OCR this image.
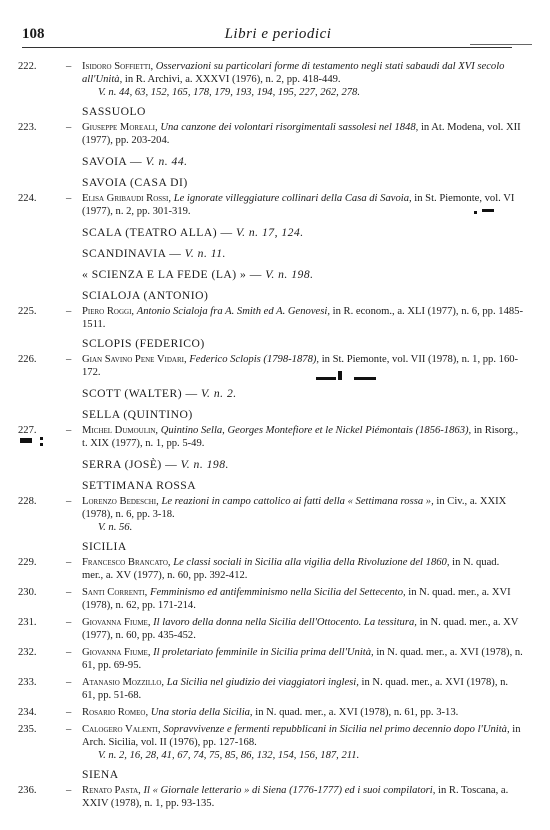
108	Libri e periodici
222.	– Isidoro Soffietti, Osservazioni su particolari forme di testamento negli stati sabaudi dal XVI secolo all'Unità, in R. Archivi, a. XXXVI (1976), n. 2, pp. 418-449.
V. n. 44, 63, 152, 165, 178, 179, 193, 194, 195, 227, 262, 278.
SASSUOLO
223.	– Giuseppe Moreali, Una canzone dei volontari risorgimentali sassolesi nel 1848, in At. Modena, vol. XII (1977), pp. 203-204.
SAVOIA — V. n. 44.
SAVOIA (CASA DI)
224.	– Elisa Gribaudi Rossi, Le ignorate villeggiature collinari della Casa di Savoia, in St. Piemonte, vol. VI (1977), n. 2, pp. 301-319.
SCALA (TEATRO ALLA) — V. n. 17, 124.
SCANDINAVIA — V. n. 11.
« SCIENZA E LA FEDE (LA) » — V. n. 198.
SCIALOJA (ANTONIO)
225.	– Piero Roggi, Antonio Scialoja fra A. Smith ed A. Genovesi, in R. econom., a. XLI (1977), n. 6, pp. 1485-1511.
SCLOPIS (FEDERICO)
226.	– Gian Savino Pene Vidari, Federico Sclopis (1798-1878), in St. Piemonte, vol. VII (1978), n. 1, pp. 160-172.
SCOTT (WALTER) — V. n. 2.
SELLA (QUINTINO)
227.	– Michel Dumoulin, Quintino Sella, Georges Montefiore et le Nickel Piémontais (1856-1863), in Risorg., t. XIX (1977), n. 1, pp. 5-49.
SERRA (JOSÈ) — V. n. 198.
SETTIMANA ROSSA
228.	– Lorenzo Bedeschi, Le reazioni in campo cattolico ai fatti della « Settimana rossa », in Civ., a. XXIX (1978), n. 6, pp. 3-18.
V. n. 56.
SICILIA
229.	– Francesco Brancato, Le classi sociali in Sicilia alla vigilia della Rivoluzione del 1860, in N. quad. mer., a. XV (1977), n. 60, pp. 392-412.
230.	– Santi Correnti, Femminismo ed antifemminismo nella Sicilia del Settecento, in N. quad. mer., a. XVI (1978), n. 62, pp. 171-214.
231.	– Giovanna Fiume, Il lavoro della donna nella Sicilia dell'Ottocento. La tessitura, in N. quad. mer., a. XV (1977), n. 60, pp. 435-452.
232.	– Giovanna Fiume, Il proletariato femminile in Sicilia prima dell'Unità, in N. quad. mer., a. XVI (1978), n. 61, pp. 69-95.
233.	– Atanasio Mozzillo, La Sicilia nel giudizio dei viaggiatori inglesi, in N. quad. mer., a. XVI (1978), n. 61, pp. 51-68.
234.	– Rosario Romeo, Una storia della Sicilia, in N. quad. mer., a. XVI (1978), n. 61, pp. 3-13.
235.	– Calogero Valenti, Sopravvivenze e fermenti repubblicani in Sicilia nel primo decennio dopo l'Unità, in Arch. Sicilia, vol. II (1976), pp. 127-168.
V. n. 2, 16, 28, 41, 67, 74, 75, 85, 86, 132, 154, 156, 187, 211.
SIENA
236.	– Renato Pasta, Il « Giornale letterario » di Siena (1776-1777) ed i suoi compilatori, in R. Toscana, a. XXIV (1978), n. 1, pp. 93-135.
